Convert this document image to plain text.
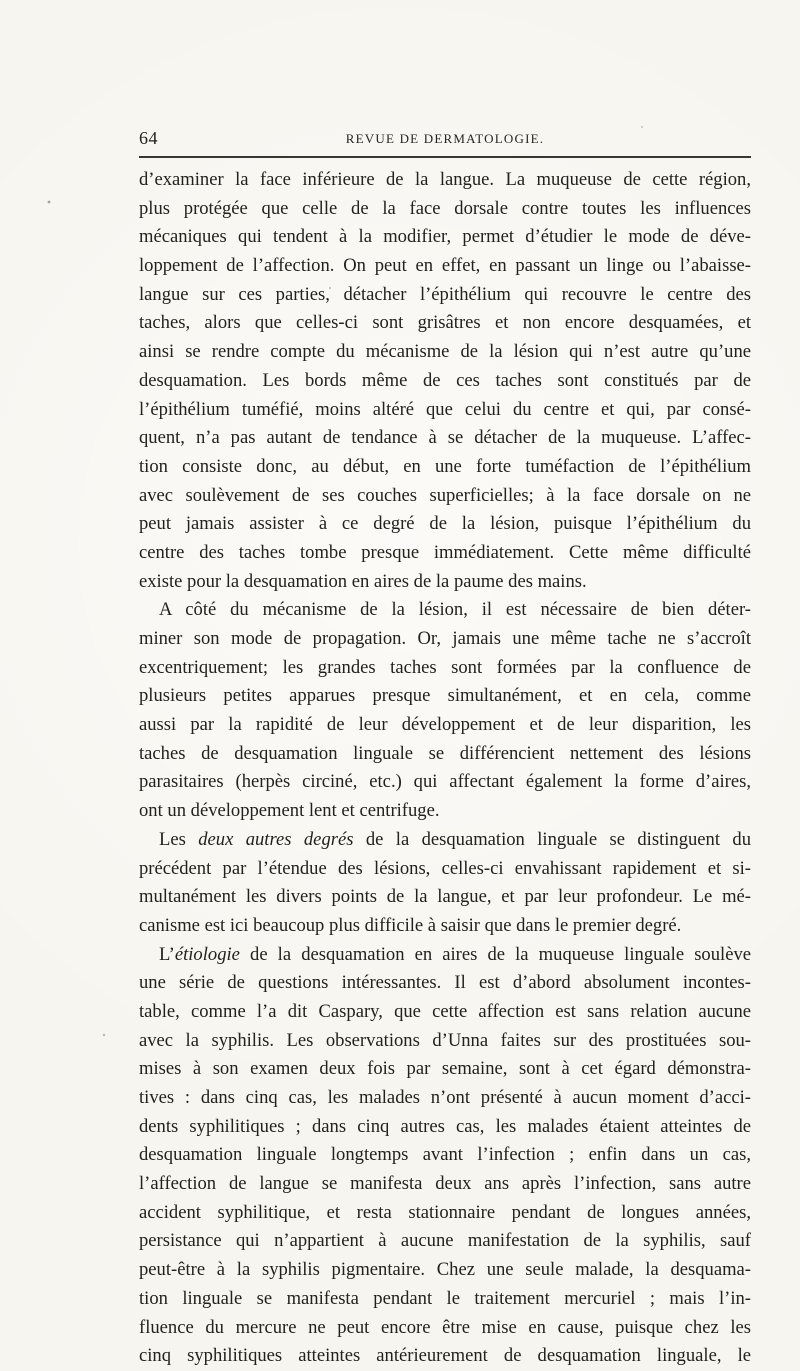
64	REVUE DE DERMATOLOGIE.
d’examiner la face inférieure de la langue. La muqueuse de cette région,
plus protégée que celle de la face dorsale contre toutes les influences
mécaniques qui tendent à la modifier, permet d’étudier le mode de déve-
loppement de l’affection. On peut en effet, en passant un linge ou l’abaisse-
langue sur ces parties, détacher l’épithélium qui recouvre le centre des
taches, alors que celles-ci sont grisâtres et non encore desquamées, et
ainsi se rendre compte du mécanisme de la lésion qui n’est autre qu’une
desquamation. Les bords même de ces taches sont constitués par de
l’épithélium tuméfié, moins altéré que celui du centre et qui, par consé-
quent, n’a pas autant de tendance à se détacher de la muqueuse. L’affec-
tion consiste donc, au début, en une forte tuméfaction de l’épithélium
avec soulèvement de ses couches superficielles; à la face dorsale on ne
peut jamais assister à ce degré de la lésion, puisque l’épithélium du
centre des taches tombe presque immédiatement. Cette même difficulté
existe pour la desquamation en aires de la paume des mains.
A côté du mécanisme de la lésion, il est nécessaire de bien déter-
miner son mode de propagation. Or, jamais une même tache ne s’accroît
excentriquement; les grandes taches sont formées par la confluence de
plusieurs petites apparues presque simultanément, et en cela, comme
aussi par la rapidité de leur développement et de leur disparition, les
taches de desquamation linguale se différencient nettement des lésions
parasitaires (herpès circiné, etc.) qui affectant également la forme d’aires,
ont un développement lent et centrifuge.
Les deux autres degrés de la desquamation linguale se distinguent du
précédent par l’étendue des lésions, celles-ci envahissant rapidement et si-
multanément les divers points de la langue, et par leur profondeur. Le mé-
canisme est ici beaucoup plus difficile à saisir que dans le premier degré.
L’étiologie de la desquamation en aires de la muqueuse linguale soulève
une série de questions intéressantes. Il est d’abord absolument incontes-
table, comme l’a dit Caspary, que cette affection est sans relation aucune
avec la syphilis. Les observations d’Unna faites sur des prostituées sou-
mises à son examen deux fois par semaine, sont à cet égard démonstra-
tives : dans cinq cas, les malades n’ont présenté à aucun moment d’acci-
dents syphilitiques ; dans cinq autres cas, les malades étaient atteintes de
desquamation linguale longtemps avant l’infection ; enfin dans un cas,
l’affection de langue se manifesta deux ans après l’infection, sans autre
accident syphilitique, et resta stationnaire pendant de longues années,
persistance qui n’appartient à aucune manifestation de la syphilis, sauf
peut-être à la syphilis pigmentaire. Chez une seule malade, la desquama-
tion linguale se manifesta pendant le traitement mercuriel ; mais l’in-
fluence du mercure ne peut encore être mise en cause, puisque chez les
cinq syphilitiques atteintes antérieurement de desquamation linguale, le
